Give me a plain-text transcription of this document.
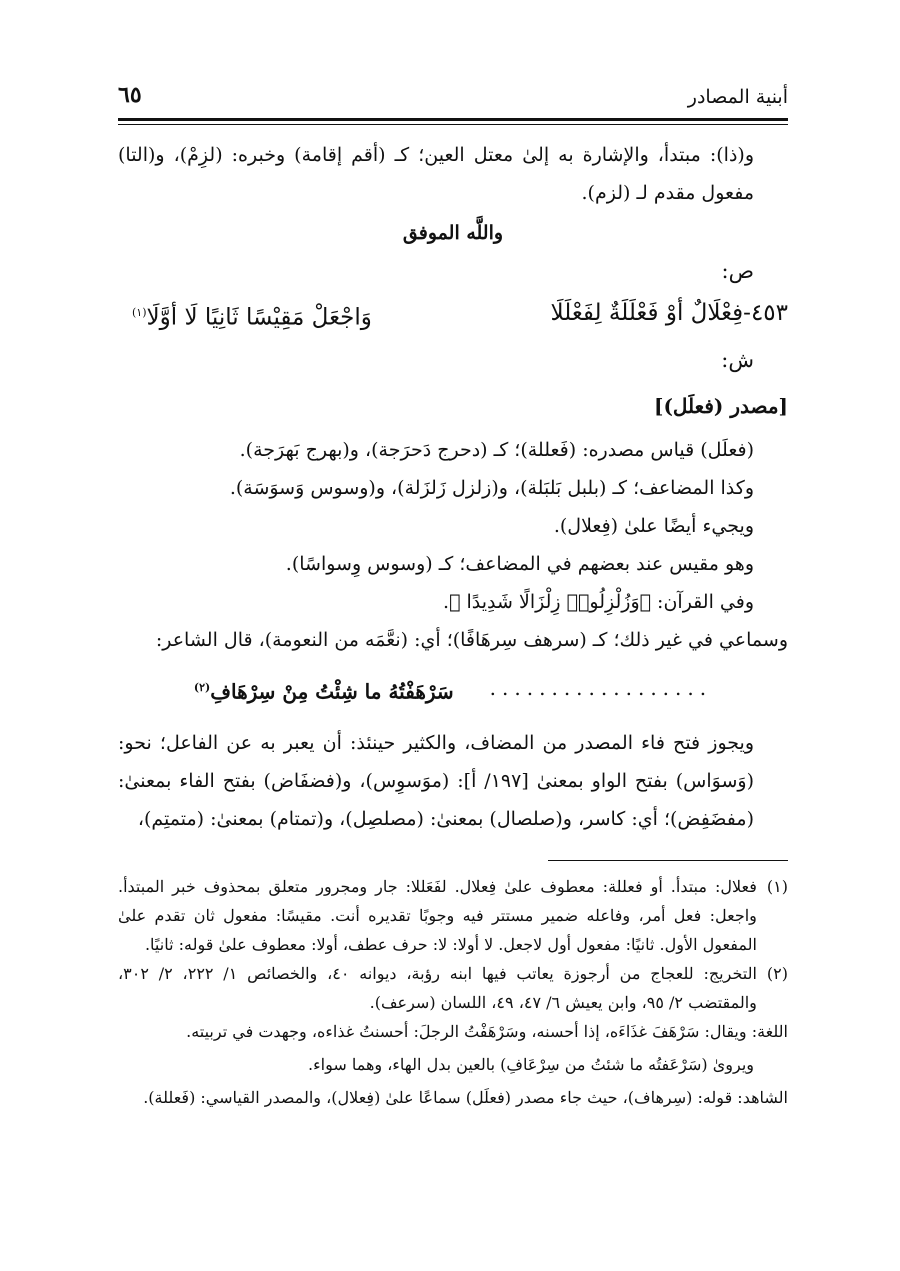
أبنية المصادر
٦٥

و(ذا): مبتدأ، والإشارة به إلىٰ معتل العين؛ كـ (أقم إقامة) وخبره: (لزِمْ)، و(التا) مفعول مقدم لـ (لزم).

واللَّه الموفق

ص:

٤٥٣-فِعْلَالٌ أوْ فَعْلَلَةٌ لِفَعْلَلَا
وَاجْعَلْ مَقِيْسًا ثَانِيًا لَا أوَّلَا$^{(١)}$

ش:

[مصدر (فعلَل)]

(فعلَل) قياس مصدره: (فَعللة)؛ كـ (دحرج دَحرَجة)، و(بهرج بَهرَجة).

وكذا المضاعف؛ كـ (بلبل بَلبَلة)، و(زلزل زَلزَلة)، و(وسوس وَسوَسَة).

ويجيء أيضًا علىٰ (فِعلال).

وهو مقيس عند بعضهم في المضاعف؛ كـ (وسوس وِسواسًا).

وفي القرآن: ﴿وَزُلْزِلُوا۟ زِلْزَالًا شَدِيدًا ﴾.

وسماعي في غير ذلك؛ كـ (سرهف سِرهَافًا)؛ أي: (نعَّمَه من النعومة)، قال الشاعر:

..................
سَرْهَفْتُهُ ما شِئْتُ مِنْ سِرْهَافِ$^{(٢)}$

ويجوز فتح فاء المصدر من المضاف، والكثير حينئذ: أن يعبر به عن الفاعل؛ نحو: (وَسوَاس) بفتح الواو بمعنىٰ [١٩٧/ أ]: (موَسوِس)، و(فضفَاض) بفتح الفاء بمعنىٰ: (مفضَفِض)؛ أي: كاسر، و(صلصال) بمعنىٰ: (مصلصِل)، و(تمتام) بمعنىٰ: (متمتِم)،

(١)
فعلال: مبتدأ. أو فعللة: معطوف علىٰ فِعلال. لفَعَللا: جار ومجرور متعلق بمحذوف خبر المبتدأ. واجعل: فعل أمر، وفاعله ضمير مستتر فيه وجوبًا تقديره أنت. مقيسًا: مفعول ثان تقدم علىٰ المفعول الأول. ثانيًا: مفعول أول لاجعل. لا أولا: لا: حرف عطف، أولا: معطوف علىٰ قوله: ثانيًا.
(٢)
التخريج: للعجاج من أرجوزة يعاتب فيها ابنه رؤبة، ديوانه ٤٠، والخصائص ١/ ٢٢٢، ٢/ ٣٠٢، والمقتضب ٢/ ٩٥، وابن يعيش ٦/ ٤٧، ٤٩، اللسان (سرعف).

اللغة: ويقال: سَرْهَفَ غذَاءَه، إذا أحسنه، وسَرْهَفْتُ الرجلَ: أحسنتُ غذاءه، وجهدت في تربيته.

ويروىٰ (سَرْعَفتُه ما شئتُ من سِرْعَافِ) بالعين بدل الهاء، وهما سواء.

الشاهد: قوله: (سِرهاف)، حيث جاء مصدر (فعلَل) سماعًا علىٰ (فِعلال)، والمصدر القياسي: (فَعللة).
